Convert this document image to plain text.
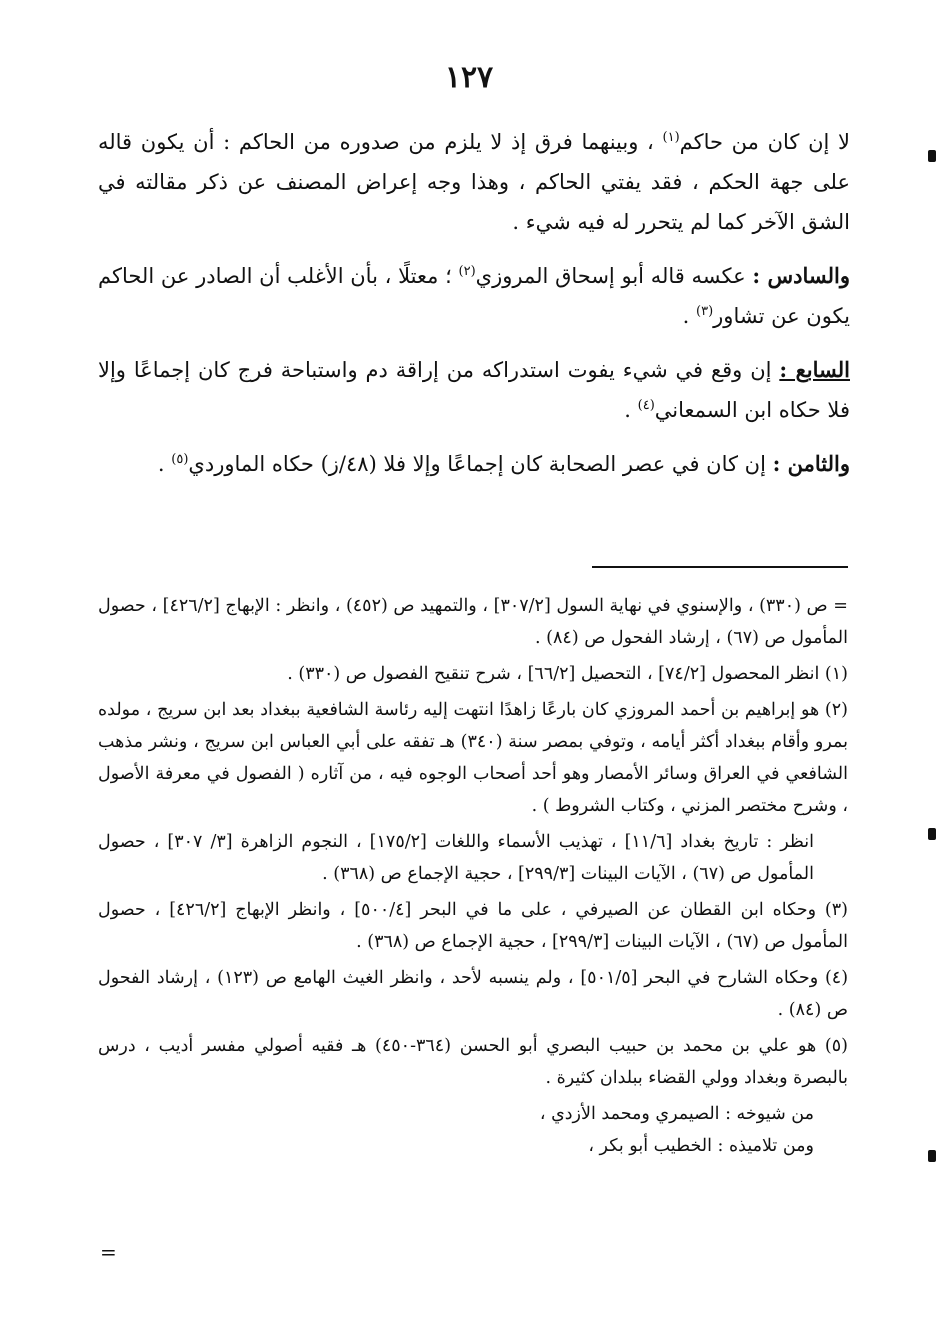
١٢٧

لا إن كان من حاكم$^{(١)}$ ، وبينهما فرق إذ لا يلزم من صدوره من الحاكم : أن يكون قاله على جهة الحكم ، فقد يفتي الحاكم ، وهذا وجه إعراض المصنف عن ذكر مقالته في الشق الآخر كما لم يتحرر له فيه شيء .

والسادس : عكسه قاله أبو إسحاق المروزي$^{(٢)}$ ؛ معتلًا ، بأن الأغلب أن الصادر عن الحاكم يكون عن تشاور$^{(٣)}$ .

السابع : إن وقع في شيء يفوت استدراكه من إراقة دم واستباحة فرج كان إجماعًا وإلا فلا حكاه ابن السمعاني$^{(٤)}$ .

والثامن : إن كان في عصر الصحابة كان إجماعًا وإلا فلا (٤٨/ز) حكاه الماوردي$^{(٥)}$ .

= ص (٣٣٠) ، والإسنوي في نهاية السول [٣٠٧/٢] ، والتمهيد ص (٤٥٢) ، وانظر : الإبهاج [٤٢٦/٢] ، حصول المأمول ص (٦٧) ، إرشاد الفحول ص (٨٤) .

(١) انظر المحصول [٧٤/٢] ، التحصيل [٦٦/٢] ، شرح تنقيح الفصول ص (٣٣٠) .

(٢) هو إبراهيم بن أحمد المروزي كان بارعًا زاهدًا انتهت إليه رئاسة الشافعية ببغداد بعد ابن سريج ، مولده بمرو وأقام ببغداد أكثر أيامه ، وتوفي بمصر سنة (٣٤٠) هـ تفقه على أبي العباس ابن سريج ، ونشر مذهب الشافعي في العراق وسائر الأمصار وهو أحد أصحاب الوجوه فيه ، من آثاره ( الفصول في معرفة الأصول ، وشرح مختصر المزني ، وكتاب الشروط ) .

انظر : تاريخ بغداد [١١/٦] ، تهذيب الأسماء واللغات [١٧٥/٢] ، النجوم الزاهرة [٣/ ٣٠٧] ، حصول المأمول ص (٦٧) ، الآيات البينات [٢٩٩/٣] ، حجية الإجماع ص (٣٦٨) .

(٣) وحكاه ابن القطان عن الصيرفي ، على ما في البحر [٥٠٠/٤] ، وانظر الإبهاج [٤٢٦/٢] ، حصول المأمول ص (٦٧) ، الآيات البينات [٢٩٩/٣] ، حجية الإجماع ص (٣٦٨) .

(٤) وحكاه الشارح في البحر [٥٠١/٥] ، ولم ينسبه لأحد ، وانظر الغيث الهامع ص (١٢٣) ، إرشاد الفحول ص (٨٤) .

(٥) هو علي بن محمد بن حبيب البصري أبو الحسن (٣٦٤-٤٥٠) هـ فقيه أصولي مفسر أديب ، درس بالبصرة وبغداد وولي القضاء ببلدان كثيرة .

من شيوخه : الصيمري ومحمد الأزدي ،

ومن تلاميذه : الخطيب أبو بكر ،

=
